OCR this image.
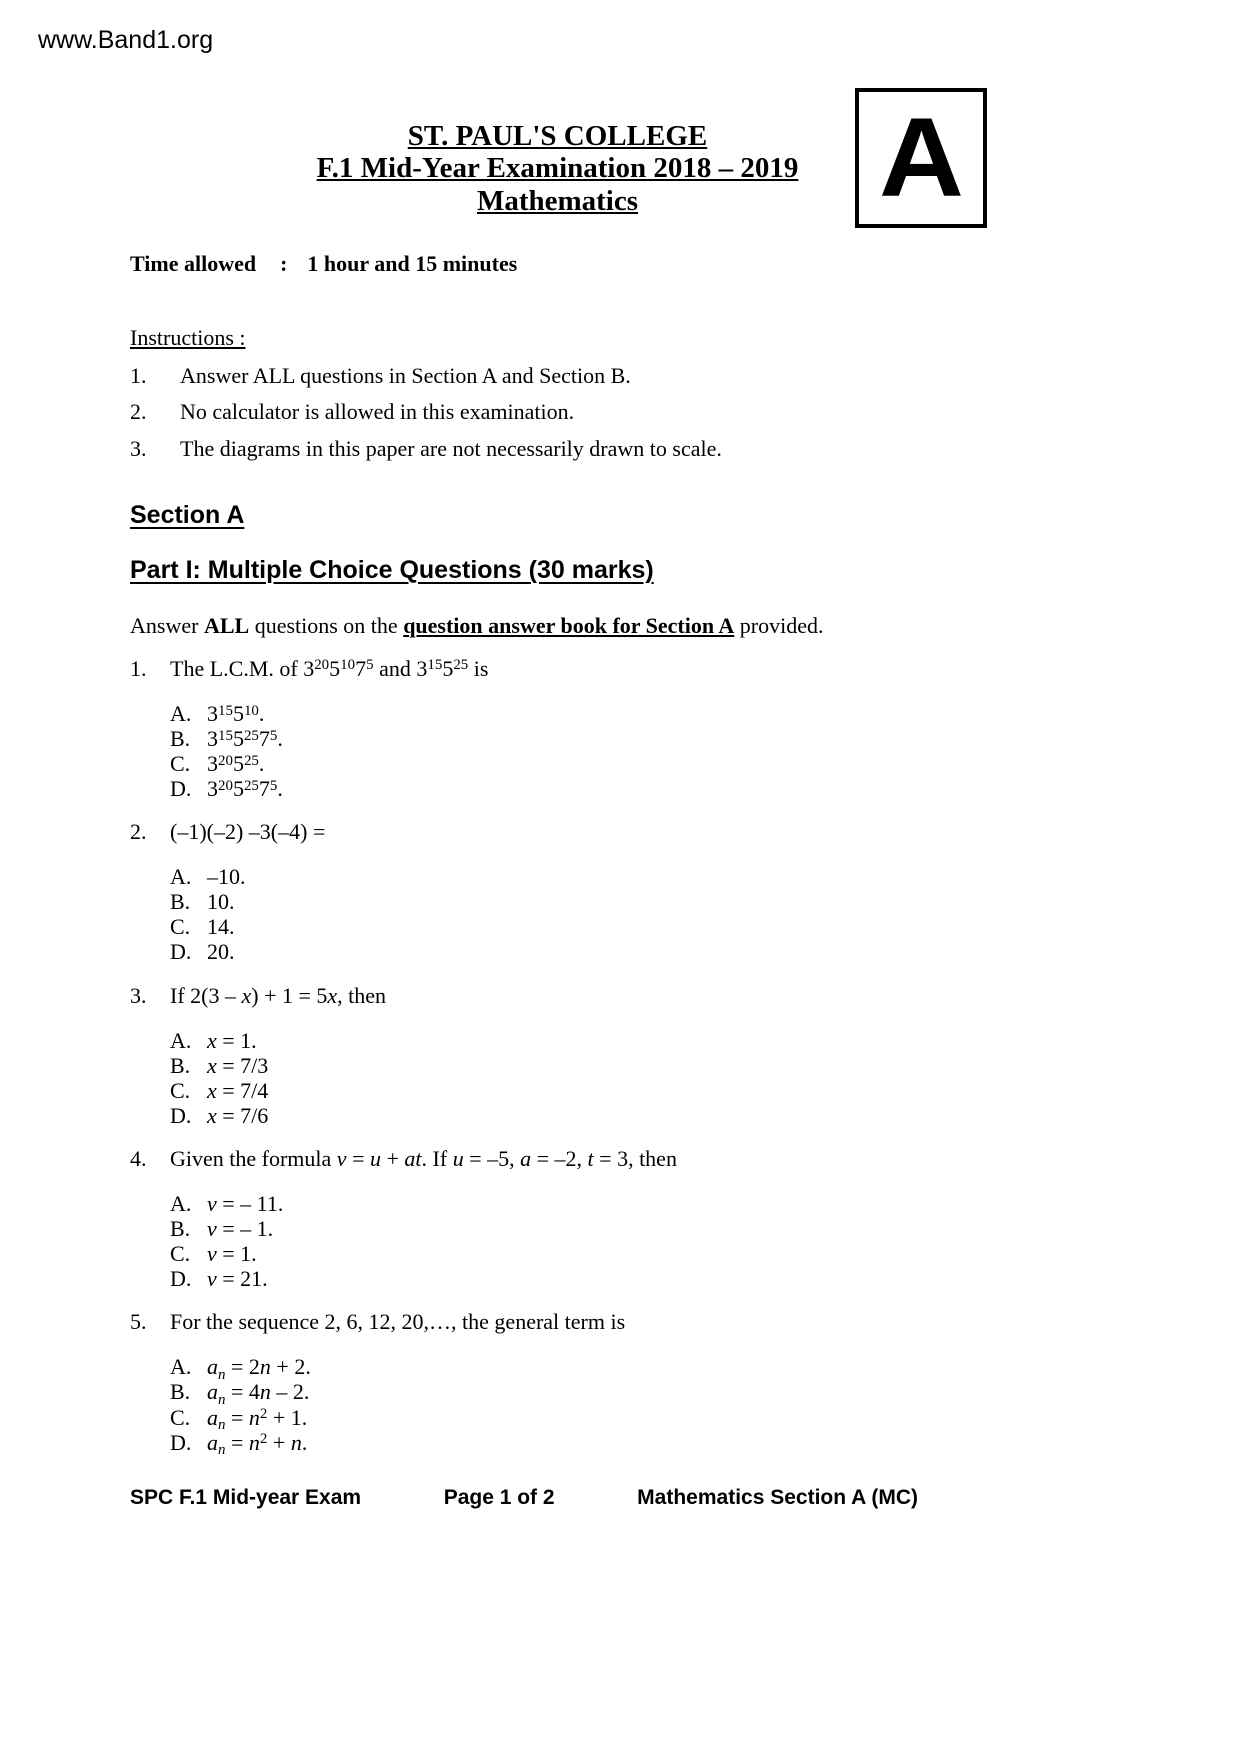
www.Band1.org
A
ST. PAUL'S COLLEGE
F.1 Mid-Year Examination 2018 – 2019
Mathematics
Time allowed : 1 hour and 15 minutes
Instructions :
1.	Answer ALL questions in Section A and Section B.
2.	No calculator is allowed in this examination.
3.	The diagrams in this paper are not necessarily drawn to scale.
Section A
Part I: Multiple Choice Questions (30 marks)
Answer ALL questions on the question answer book for Section A provided.
1.	The L.C.M. of $3^{20}5^{10}7^5$ and $3^{15}5^{25}$ is
A. $3^{15}5^{10}$.
B. $3^{15}5^{25}7^5$.
C. $3^{20}5^{25}$.
D. $3^{20}5^{25}7^5$.
2.	(–1)(–2) –3(–4) =
A. –10.
B. 10.
C. 14.
D. 20.
3.	If 2(3 – x) + 1 = 5x, then
A. x = 1.
B. x = 7/3
C. x = 7/4
D. x = 7/6
4.	Given the formula v = u + at. If u = –5, a = –2, t = 3, then
A. v = – 11.
B. v = – 1.
C. v = 1.
D. v = 21.
5.	For the sequence 2, 6, 12, 20,…, the general term is
A. $a_n = 2n + 2$.
B. $a_n = 4n - 2$.
C. $a_n = n^2 + 1$.
D. $a_n = n^2 + n$.
SPC F.1 Mid-year Exam	Page 1 of 2	Mathematics Section A (MC)
